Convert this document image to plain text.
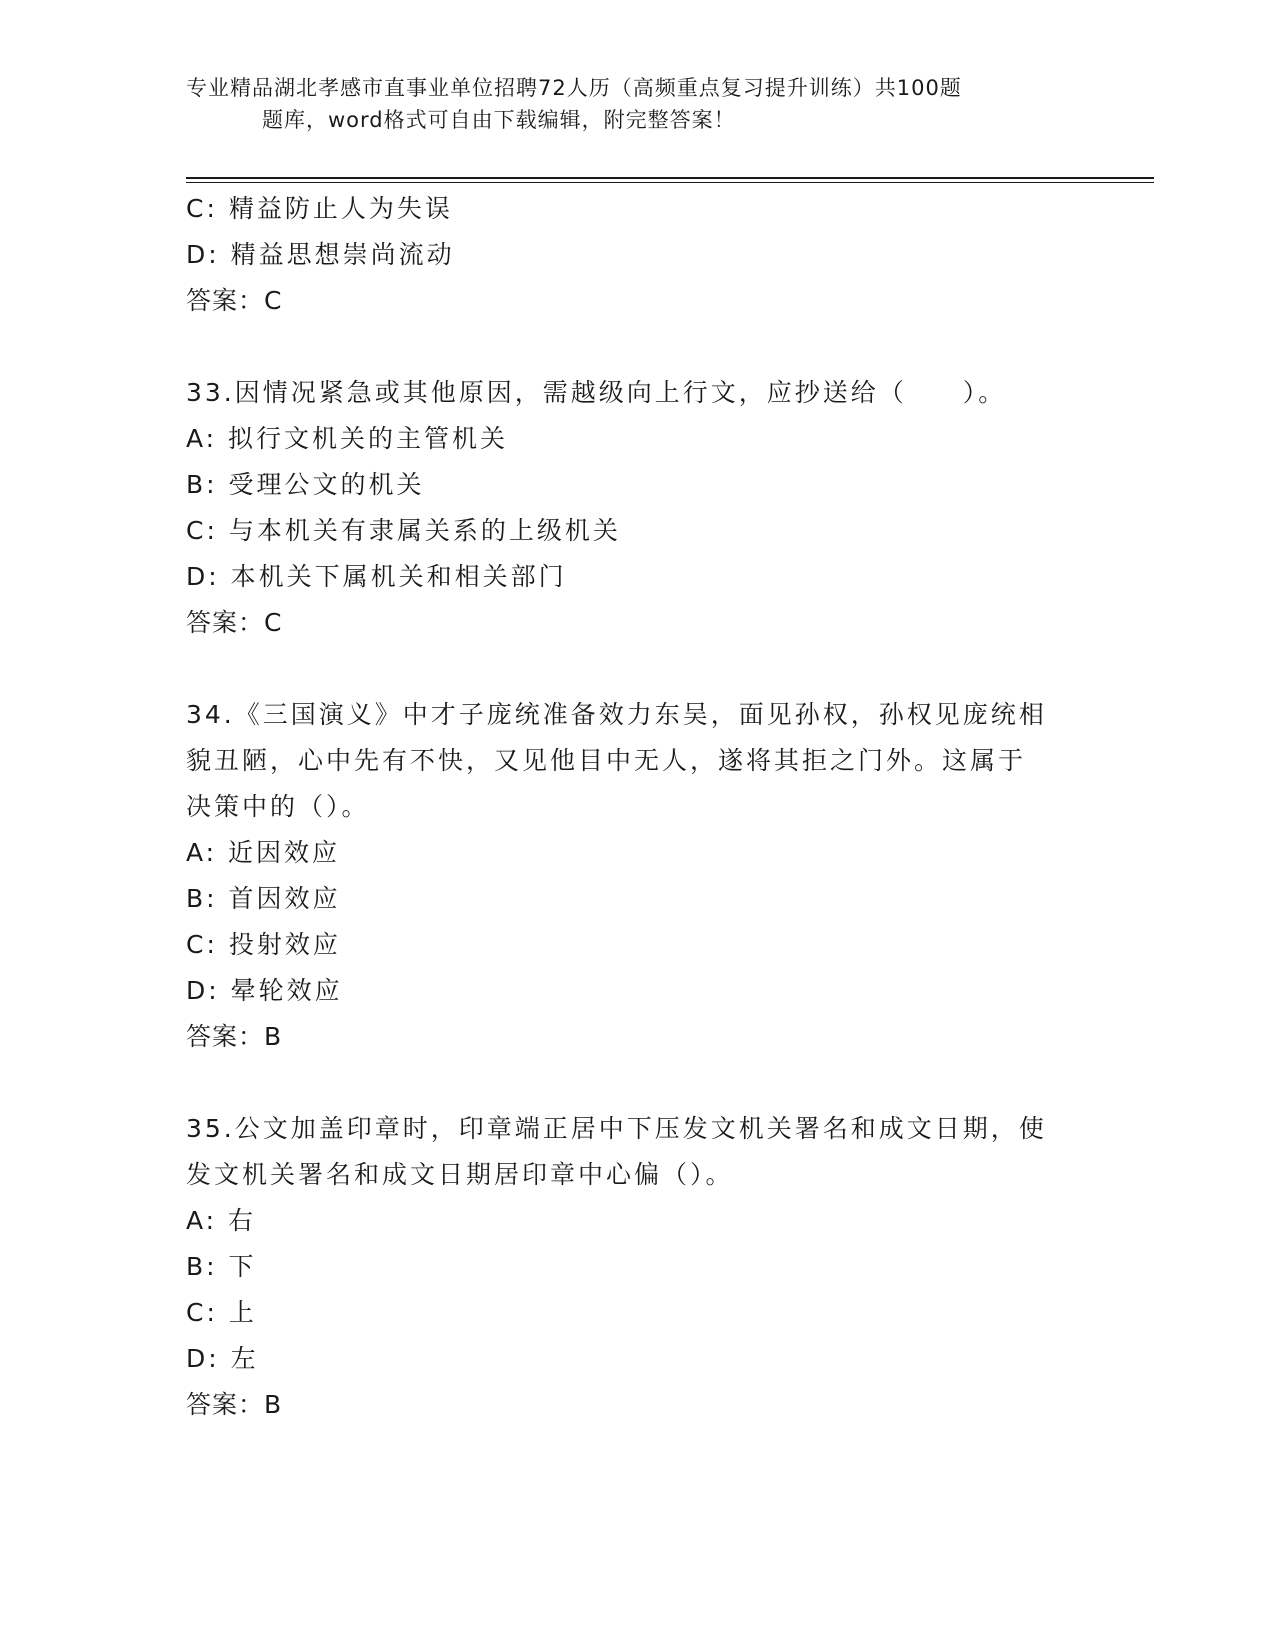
专业精品湖北孝感市直事业单位招聘72人历（高频重点复习提升训练）共100题
题库，word格式可自由下载编辑，附完整答案！
C: 精益防止人为失误
D: 精益思想崇尚流动
答案：C
33.因情况紧急或其他原因，需越级向上行文，应抄送给（　　）。
A: 拟行文机关的主管机关
B: 受理公文的机关
C: 与本机关有隶属关系的上级机关
D: 本机关下属机关和相关部门
答案：C
34.《三国演义》中才子庞统准备效力东吴，面见孙权，孙权见庞统相
貌丑陋，心中先有不快，又见他目中无人，遂将其拒之门外。这属于
决策中的（）。
A: 近因效应
B: 首因效应
C: 投射效应
D: 晕轮效应
答案：B
35.公文加盖印章时，印章端正居中下压发文机关署名和成文日期，使
发文机关署名和成文日期居印章中心偏（）。
A: 右
B: 下
C: 上
D: 左
答案：B
